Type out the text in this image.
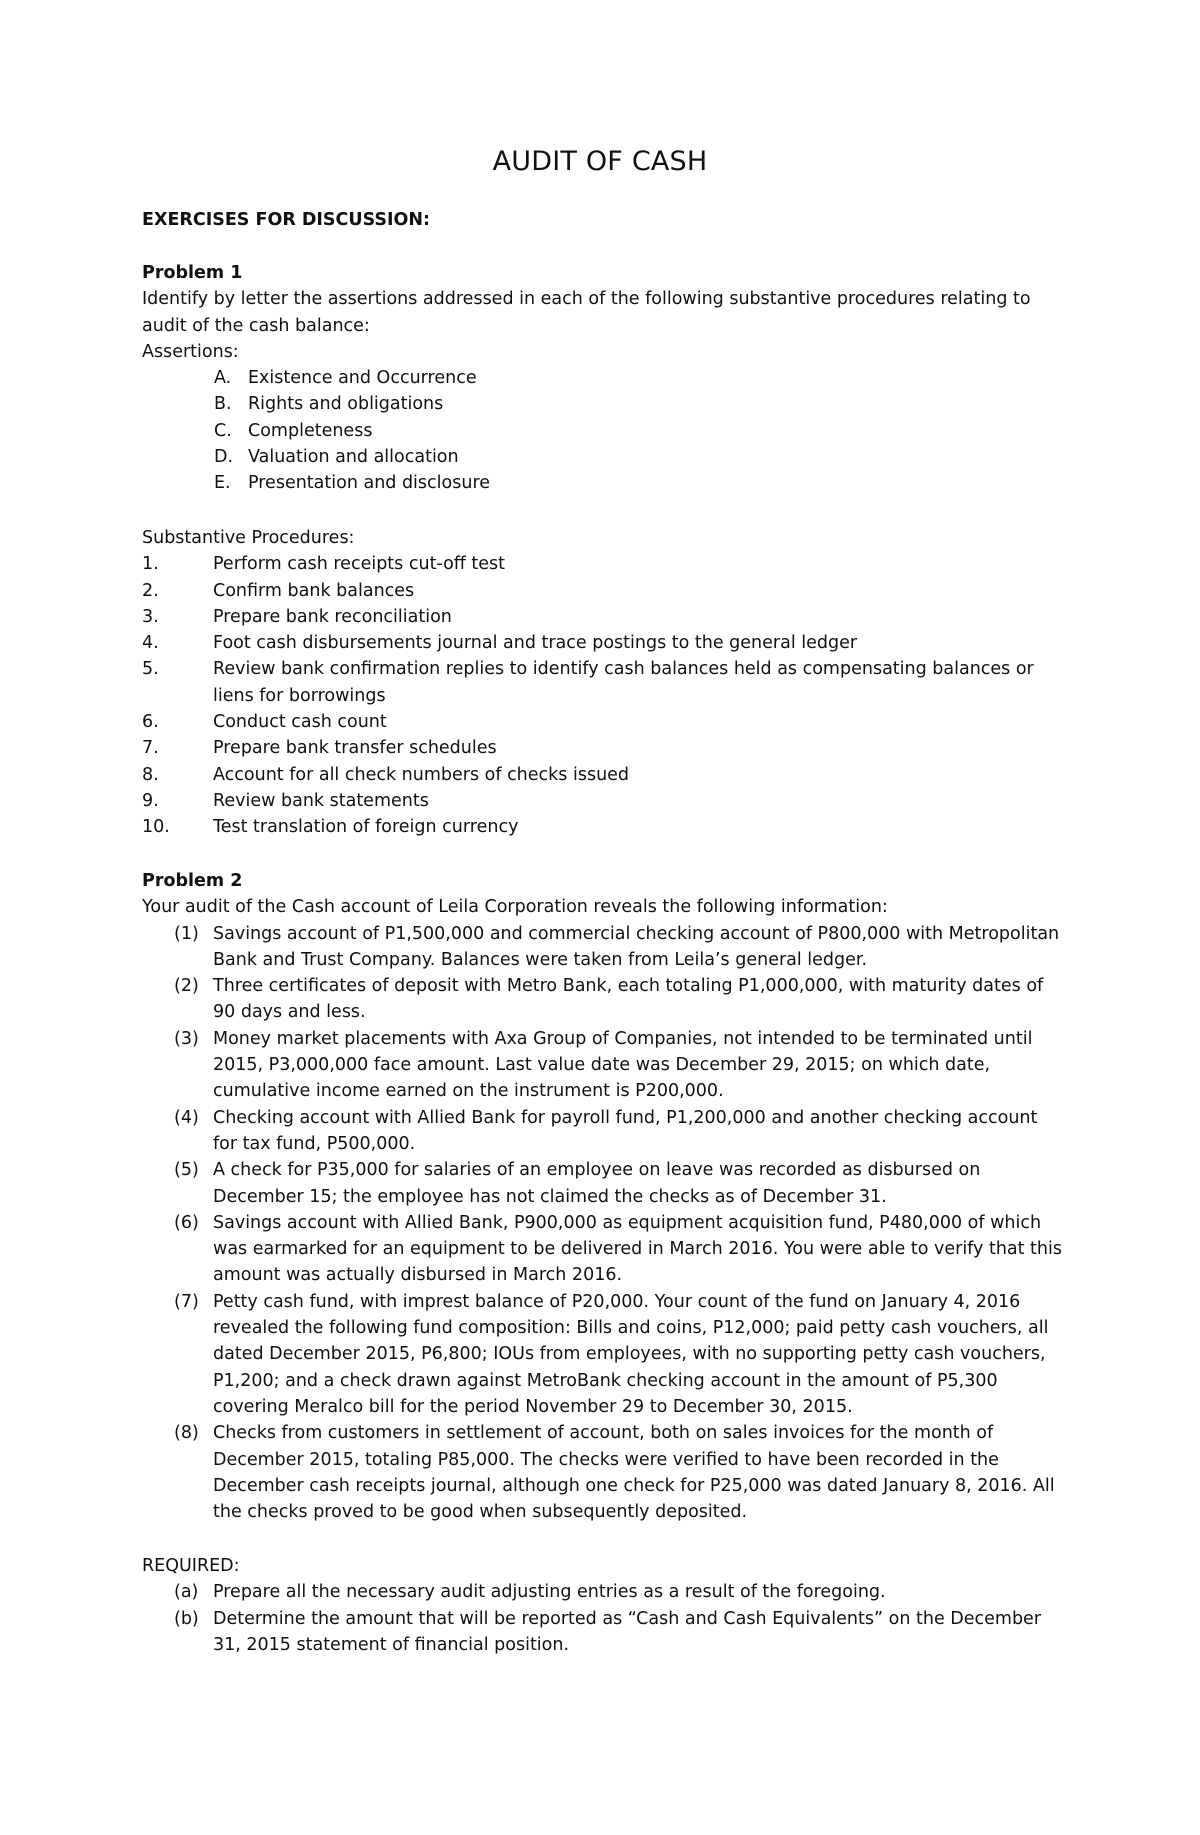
AUDIT OF CASH
EXERCISES FOR DISCUSSION:
Problem 1
Identify by letter the assertions addressed in each of the following substantive procedures relating to audit of the cash balance:
Assertions:
A. Existence and Occurrence
B. Rights and obligations
C. Completeness
D. Valuation and allocation
E. Presentation and disclosure
Substantive Procedures:
1.	Perform cash receipts cut-off test
2.	Confirm bank balances
3.	Prepare bank reconciliation
4.	Foot cash disbursements journal and trace postings to the general ledger
5.	Review bank confirmation replies to identify cash balances held as compensating balances or liens for borrowings
6.	Conduct cash count
7.	Prepare bank transfer schedules
8.	Account for all check numbers of checks issued
9.	Review bank statements
10. Test translation of foreign currency
Problem 2
Your audit of the Cash account of Leila Corporation reveals the following information:
(1) Savings account of P1,500,000 and commercial checking account of P800,000 with Metropolitan Bank and Trust Company. Balances were taken from Leila’s general ledger.
(2) Three certificates of deposit with Metro Bank, each totaling P1,000,000, with maturity dates of 90 days and less.
(3) Money market placements with Axa Group of Companies, not intended to be terminated until 2015, P3,000,000 face amount. Last value date was December 29, 2015; on which date, cumulative income earned on the instrument is P200,000.
(4) Checking account with Allied Bank for payroll fund, P1,200,000 and another checking account for tax fund, P500,000.
(5) A check for P35,000 for salaries of an employee on leave was recorded as disbursed on December 15; the employee has not claimed the checks as of December 31.
(6) Savings account with Allied Bank, P900,000 as equipment acquisition fund, P480,000 of which was earmarked for an equipment to be delivered in March 2016. You were able to verify that this amount was actually disbursed in March 2016.
(7) Petty cash fund, with imprest balance of P20,000. Your count of the fund on January 4, 2016 revealed the following fund composition: Bills and coins, P12,000; paid petty cash vouchers, all dated December 2015, P6,800; IOUs from employees, with no supporting petty cash vouchers, P1,200; and a check drawn against MetroBank checking account in the amount of P5,300 covering Meralco bill for the period November 29 to December 30, 2015.
(8) Checks from customers in settlement of account, both on sales invoices for the month of December 2015, totaling P85,000. The checks were verified to have been recorded in the December cash receipts journal, although one check for P25,000 was dated January 8, 2016. All the checks proved to be good when subsequently deposited.
REQUIRED:
(a) Prepare all the necessary audit adjusting entries as a result of the foregoing.
(b) Determine the amount that will be reported as “Cash and Cash Equivalents” on the December 31, 2015 statement of financial position.
